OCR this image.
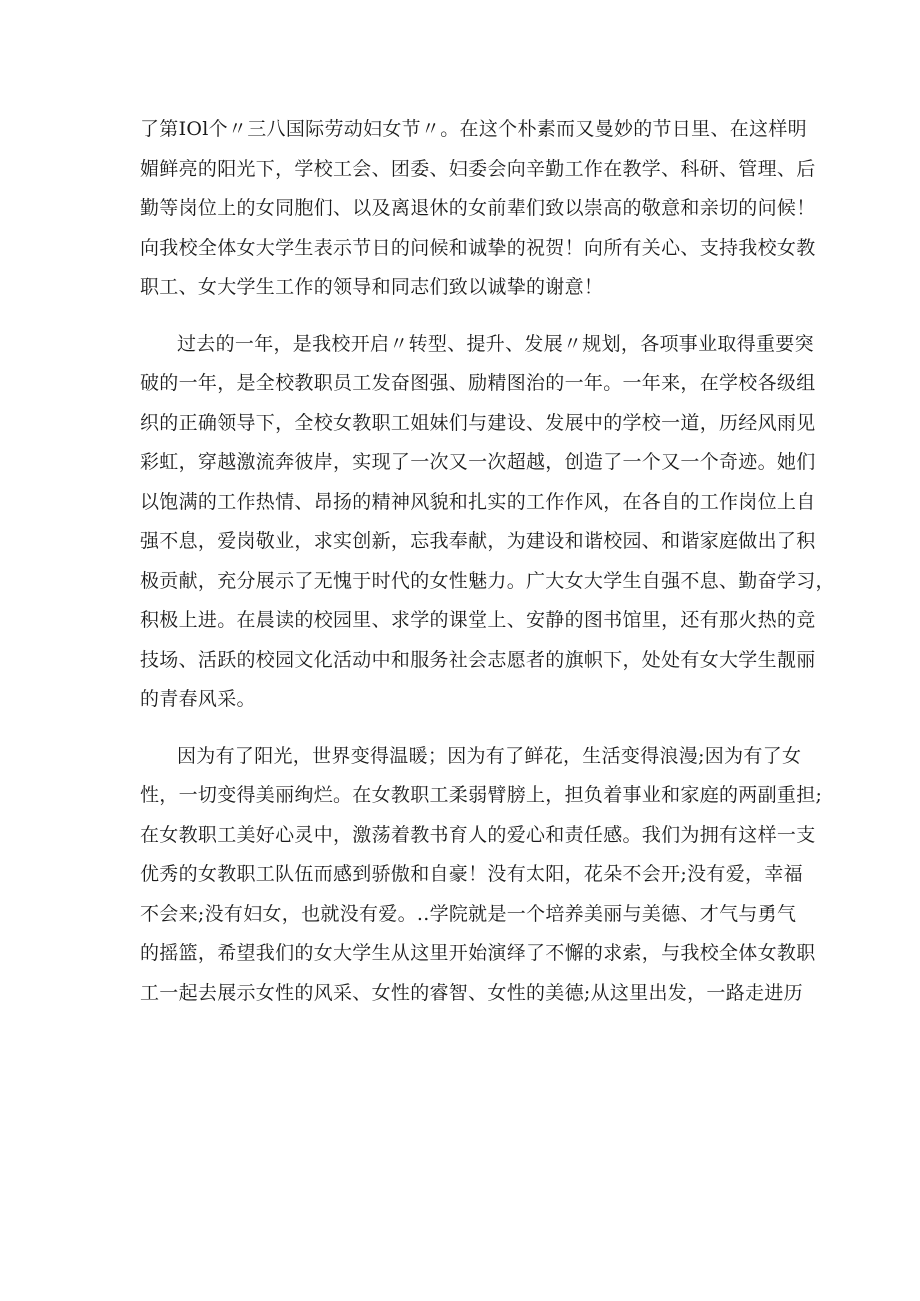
了第IOl个〃三八国际劳动妇女节〃。在这个朴素而又曼妙的节日里、在这样明
媚鲜亮的阳光下，学校工会、团委、妇委会向辛勤工作在教学、科研、管理、后
勤等岗位上的女同胞们、以及离退休的女前辈们致以崇高的敬意和亲切的问候！
向我校全体女大学生表示节日的问候和诚挚的祝贺！向所有关心、支持我校女教
职工、女大学生工作的领导和同志们致以诚挚的谢意！
过去的一年，是我校开启〃转型、提升、发展〃规划，各项事业取得重要突
破的一年，是全校教职员工发奋图强、励精图治的一年。一年来，在学校各级组
织的正确领导下，全校女教职工姐妹们与建设、发展中的学校一道，历经风雨见
彩虹，穿越激流奔彼岸，实现了一次又一次超越，创造了一个又一个奇迹。她们
以饱满的工作热情、昂扬的精神风貌和扎实的工作作风，在各自的工作岗位上自
强不息，爱岗敬业，求实创新，忘我奉献，为建设和谐校园、和谐家庭做出了积
极贡献，充分展示了无愧于时代的女性魅力。广大女大学生自强不息、勤奋学习，
积极上进。在晨读的校园里、求学的课堂上、安静的图书馆里，还有那火热的竞
技场、活跃的校园文化活动中和服务社会志愿者的旗帜下，处处有女大学生靓丽
的青春风采。
因为有了阳光，世界变得温暖；因为有了鲜花，生活变得浪漫;因为有了女
性，一切变得美丽绚烂。在女教职工柔弱臂膀上，担负着事业和家庭的两副重担;
在女教职工美好心灵中，激荡着教书育人的爱心和责任感。我们为拥有这样一支
优秀的女教职工队伍而感到骄傲和自豪！没有太阳，花朵不会开;没有爱，幸福
不会来;没有妇女，也就没有爱。..学院就是一个培养美丽与美德、才气与勇气
的摇篮，希望我们的女大学生从这里开始演绎了不懈的求索，与我校全体女教职
工一起去展示女性的风采、女性的睿智、女性的美德;从这里出发，一路走进历
